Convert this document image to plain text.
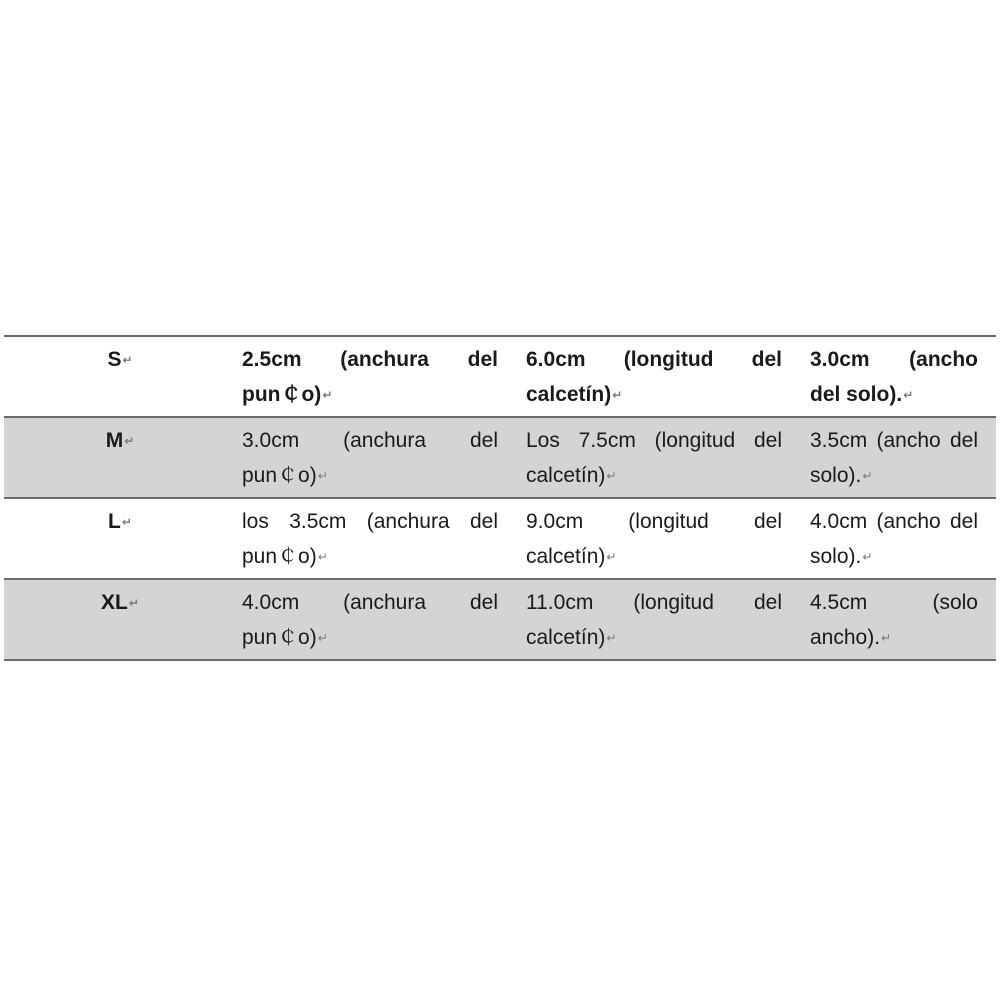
S↵	2.5cm (anchura del pun￠o)↵	6.0cm (longitud del calcetín)↵	3.0cm (ancho del solo).↵
M↵	3.0cm (anchura del pun￠o)↵	Los 7.5cm (longitud del calcetín)↵	3.5cm (ancho del solo).↵
L↵	los 3.5cm (anchura del pun￠o)↵	9.0cm (longitud del calcetín)↵	4.0cm (ancho del solo).↵
XL↵	4.0cm (anchura del pun￠o)↵	11.0cm (longitud del calcetín)↵	4.5cm (solo ancho).↵
